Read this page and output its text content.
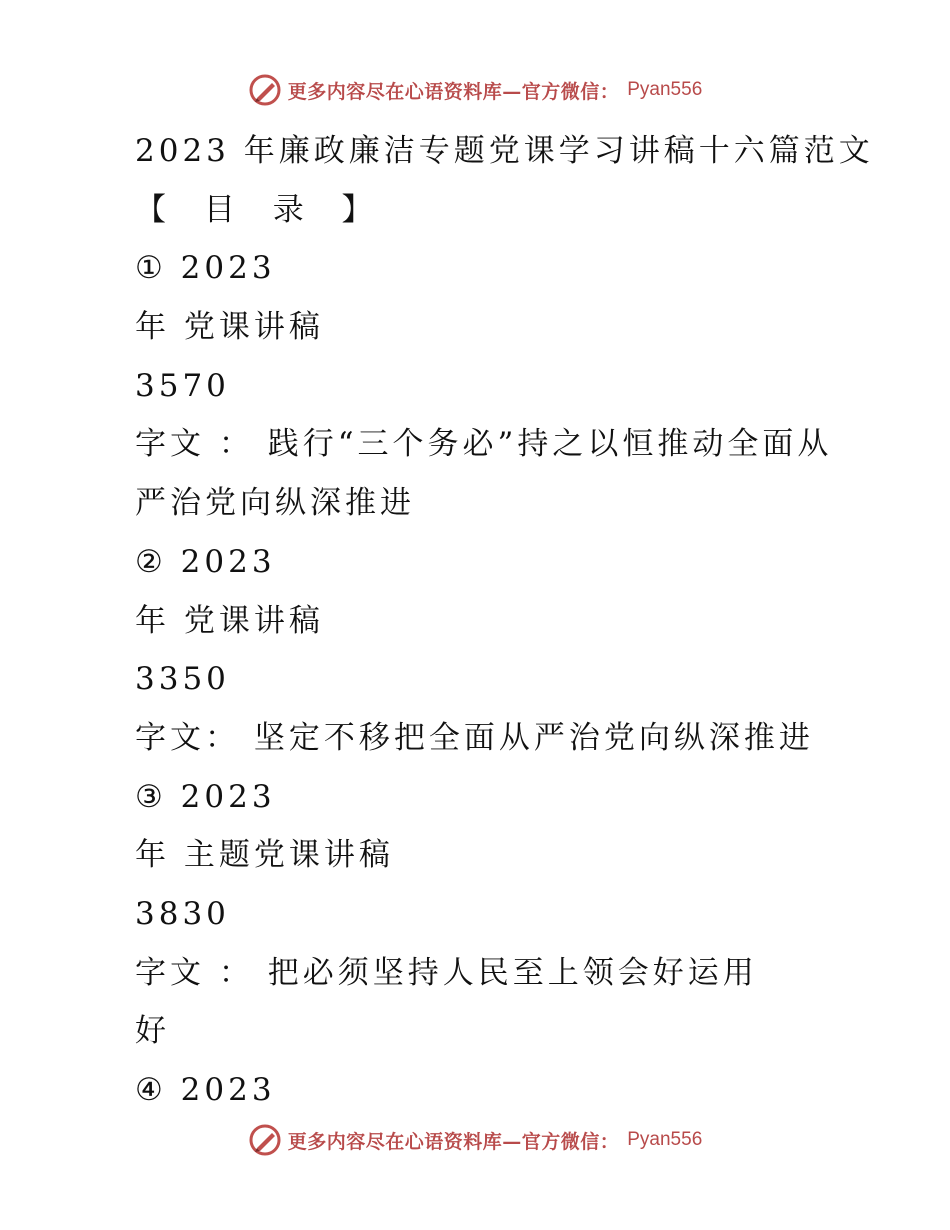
更多内容尽在心语资料库—官方微信： Pyan556
2023 年廉政廉洁专题党课学习讲稿十六篇范文
【 目 录 】
① 2023
年 党课讲稿
3570
字文 ： 践行“三个务必”持之以恒推动全面从
严治党向纵深推进
② 2023
年 党课讲稿
3350
字文： 坚定不移把全面从严治党向纵深推进
③ 2023
年 主题党课讲稿
3830
字文 ： 把必须坚持人民至上领会好运用
好
④ 2023
更多内容尽在心语资料库—官方微信： Pyan556
